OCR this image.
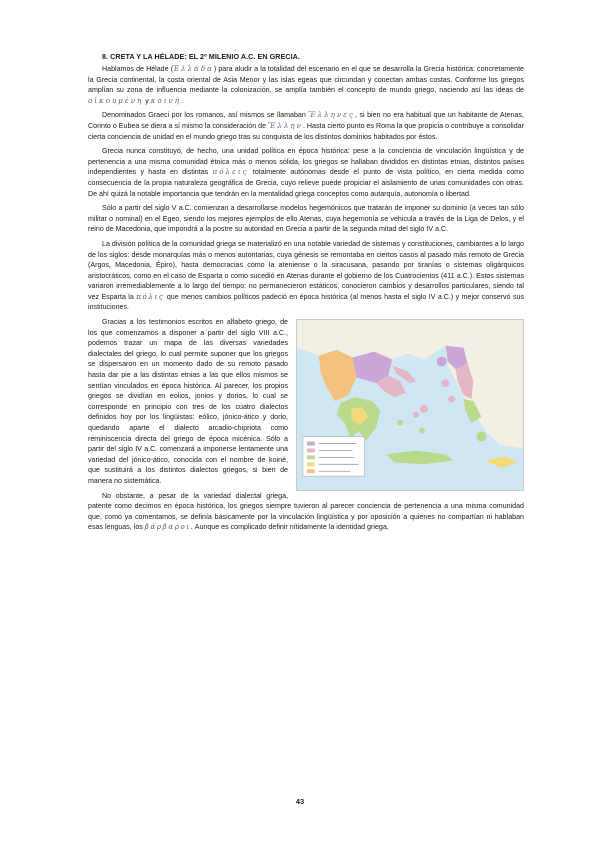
8. CRETA Y LA HÉLADE: EL 2º MILENIO A.C. EN GRECIA.

Hablamos de Hélade (Ἑλλάδα) para aludir a la totalidad del escenario en el que se desarrolla la Grecia histórica: concretamente la Grecia continental, la costa oriental de Asia Menor y las islas egeas que circundan y conectan ambas costas. Conforme los griegos amplían su zona de influencia mediante la colonización, se amplía también el concepto de mundo griego, naciendo así las ideas de οἰκουμένη y κοινή.

Denominados Graeci por los romanos, así mismos se llamaban Ἕλληνες, si bien no era habitual que un habitante de Atenas, Corinto o Eubea se diera a sí mismo la consideración de Ἕλλην. Hasta cierto punto es Roma la que propicia o contribuye a consolidar cierta conciencia de unidad en el mundo griego tras su conquista de los distintos dominios habitados por éstos.

Grecia nunca constituyó, de hecho, una unidad política en época histórica: pese a la conciencia de vinculación lingüística y de pertenencia a una misma comunidad étnica más o menos sólida, los griegos se hallaban divididos en distintas etnias, distintos países independientes y hasta en distintas πόλεις totalmente autónomas desde el punto de vista político, en cierta medida como consecuencia de la propia naturaleza geográfica de Grecia, cuyo relieve puede propiciar el aislamiento de unas comunidades con otras. De ahí quizá la notable importancia que tendrán en la mentalidad griega conceptos como autarquía, autonomía o libertad.

Sólo a partir del siglo V a.C. comienzan a desarrollarse modelos hegemónicos que tratarán de imponer su dominio (a veces tan sólo militar o nominal) en el Egeo, siendo los mejores ejemplos de ello Atenas, cuya hegemonía se vehicula a través de la Liga de Delos, y el reino de Macedonia, que impondrá a la postre su autoridad en Grecia a partir de la segunda mitad del siglo IV a.C.

La división política de la comunidad griega se materializó en una notable variedad de sistemas y constituciones, cambiantes a lo largo de los siglos: desde monarquías más o menos autoritarias, cuya génesis se remontaba en ciertos casos al pasado más remoto de Grecia (Argos, Macedonia, Épiro), hasta democracias como la ateniense o la siracusana, pasando por tiranías o sistemas oligárquicos aristocráticos, como en el caso de Esparta o como sucedió en Atenas durante el gobierno de los Cuatrocientos (411 a.C.). Estos sistemas variaron irremediablemente a lo largo del tiempo: no permanecieron estáticos, conocieron cambios y desarrollos particulares, siendo tal vez Esparta la πόλις que menos cambios políticos padeció en época histórica (al menos hasta el siglo IV a.C.) y mejor conservó sus instituciones.

Gracias a los testimonios escritos en alfabeto griego, de los que comenzamos a disponer a partir del siglo VIII a.C., podemos trazar un mapa de las diversas variedades dialectales del griego, lo cual permite suponer que los griegos se dispersaron en un momento dado de su remoto pasado hasta dar pie a las distintas etnias a las que ellos mismos se sentían vinculados en época histórica. Al parecer, los propios griegos se dividían en eolios, jonios y dorios, lo cual se corresponde en principio con tres de los cuatro dialectos definidos hoy por los lingüistas: eólico, jónico-ático y dorio, quedando aparte el dialecto arcadio-chipriota como reminiscencia directa del griego de época micénica. Sólo a partir del siglo IV a.C. comenzará a imponerse lentamente una variedad del jónico-ático, conocida con el nombre de koiné, que sustituirá a los distintos dialectos griegos, si bien de manera no sistemática.

No obstante, a pesar de la variedad dialectal griega, patente como decimos en época histórica, los griegos siempre tuvieron al parecer conciencia de pertenencia a una misma comunidad que, como ya comentamos, se definía básicamente por la vinculación lingüística y por oposición a quienes no compartían ni hablaban esas lenguas, los βάρβαροι. Aunque es complicado definir nítidamente la identidad griega,

43
